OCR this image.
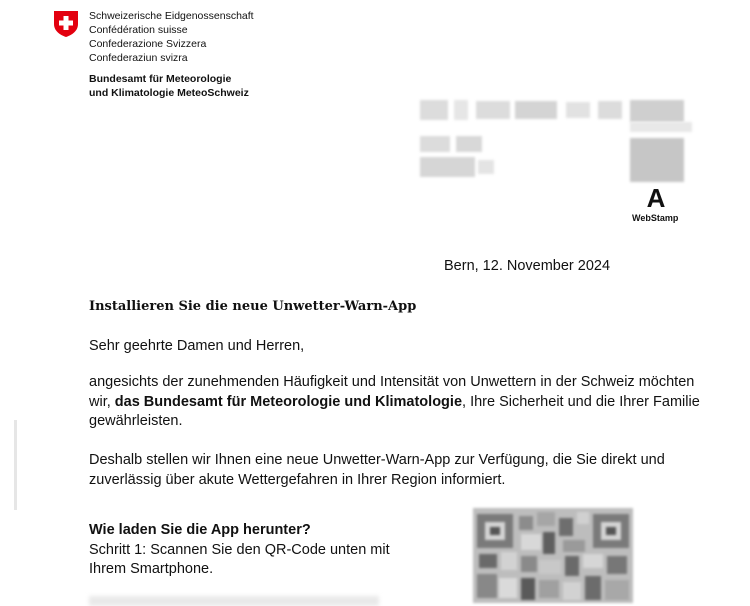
Schweizerische Eidgenossenschaft
Confédération suisse
Confederazione Svizzera
Confederaziun svizra
Bundesamt für Meteorologie
und Klimatologie MeteoSchweiz
A
WebStamp
Bern, 12. November 2024
Installieren Sie die neue Unwetter-Warn-App
Sehr geehrte Damen und Herren,
angesichts der zunehmenden Häufigkeit und Intensität von Unwettern in der Schweiz möchten
wir, das Bundesamt für Meteorologie und Klimatologie, Ihre Sicherheit und die Ihrer Familie
gewährleisten.
Deshalb stellen wir Ihnen eine neue Unwetter-Warn-App zur Verfügung, die Sie direkt und
zuverlässig über akute Wettergefahren in Ihrer Region informiert.
Wie laden Sie die App herunter?
Schritt 1: Scannen Sie den QR-Code unten mit
Ihrem Smartphone.
